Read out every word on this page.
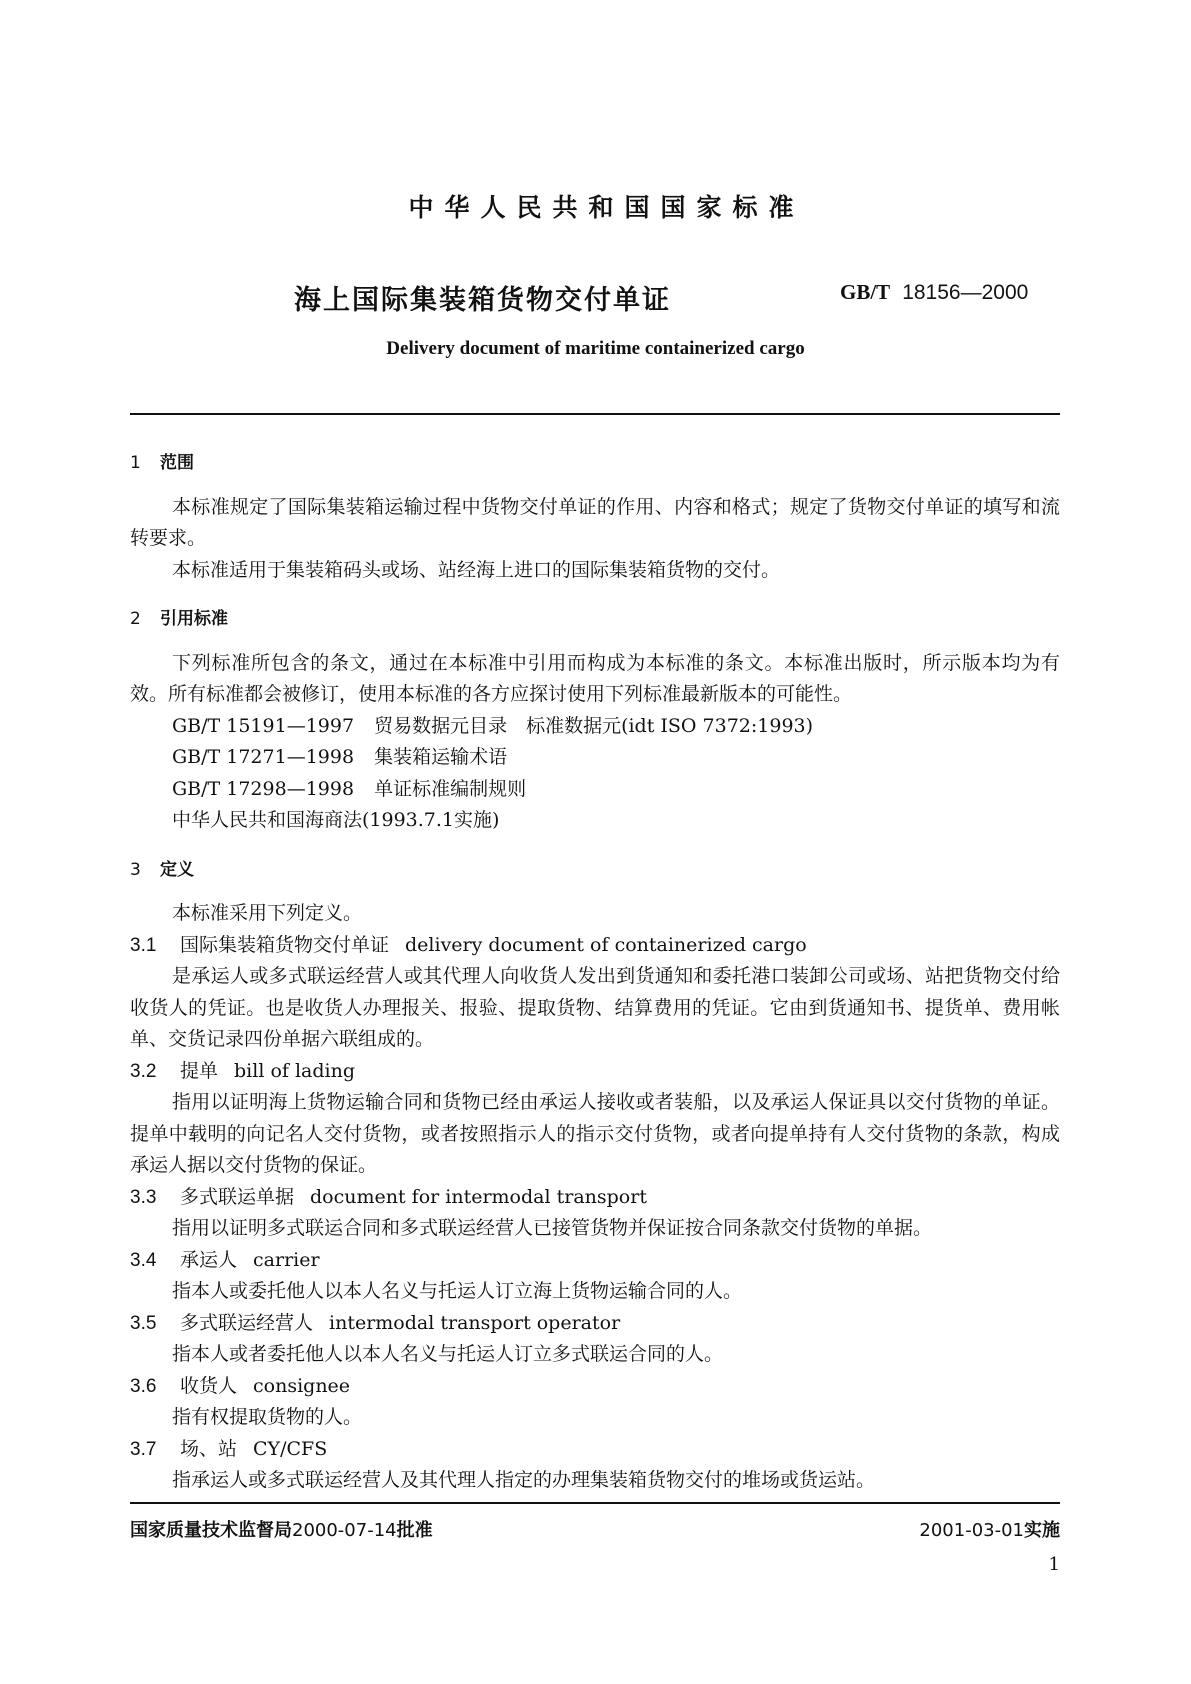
中华人民共和国国家标准
海上国际集装箱货物交付单证	GB/T 18156—2000
Delivery document of maritime containerized cargo

1 范围

本标准规定了国际集装箱运输过程中货物交付单证的作用、内容和格式；规定了货物交付单证的填写和流转要求。

本标准适用于集装箱码头或场、站经海上进口的国际集装箱货物的交付。

2 引用标准

下列标准所包含的条文，通过在本标准中引用而构成为本标准的条文。本标准出版时，所示版本均为有效。所有标准都会被修订，使用本标准的各方应探讨使用下列标准最新版本的可能性。

GB/T 15191—1997 贸易数据元目录　标准数据元(idt ISO 7372:1993)

GB/T 17271—1998 集装箱运输术语

GB/T 17298—1998 单证标准编制规则

中华人民共和国海商法(1993.7.1实施)

3 定义

本标准采用下列定义。

3.1 国际集装箱货物交付单证 delivery document of containerized cargo

是承运人或多式联运经营人或其代理人向收货人发出到货通知和委托港口装卸公司或场、站把货物交付给收货人的凭证。也是收货人办理报关、报验、提取货物、结算费用的凭证。它由到货通知书、提货单、费用帐单、交货记录四份单据六联组成的。

3.2 提单 bill of lading

指用以证明海上货物运输合同和货物已经由承运人接收或者装船，以及承运人保证具以交付货物的单证。提单中载明的向记名人交付货物，或者按照指示人的指示交付货物，或者向提单持有人交付货物的条款，构成承运人据以交付货物的保证。

3.3 多式联运单据 document for intermodal transport

指用以证明多式联运合同和多式联运经营人已接管货物并保证按合同条款交付货物的单据。

3.4 承运人 carrier

指本人或委托他人以本人名义与托运人订立海上货物运输合同的人。

3.5 多式联运经营人 intermodal transport operator

指本人或者委托他人以本人名义与托运人订立多式联运合同的人。

3.6 收货人 consignee

指有权提取货物的人。

3.7 场、站 CY/CFS

指承运人或多式联运经营人及其代理人指定的办理集装箱货物交付的堆场或货运站。

国家质量技术监督局2000-07-14批准	2001-03-01实施
1
